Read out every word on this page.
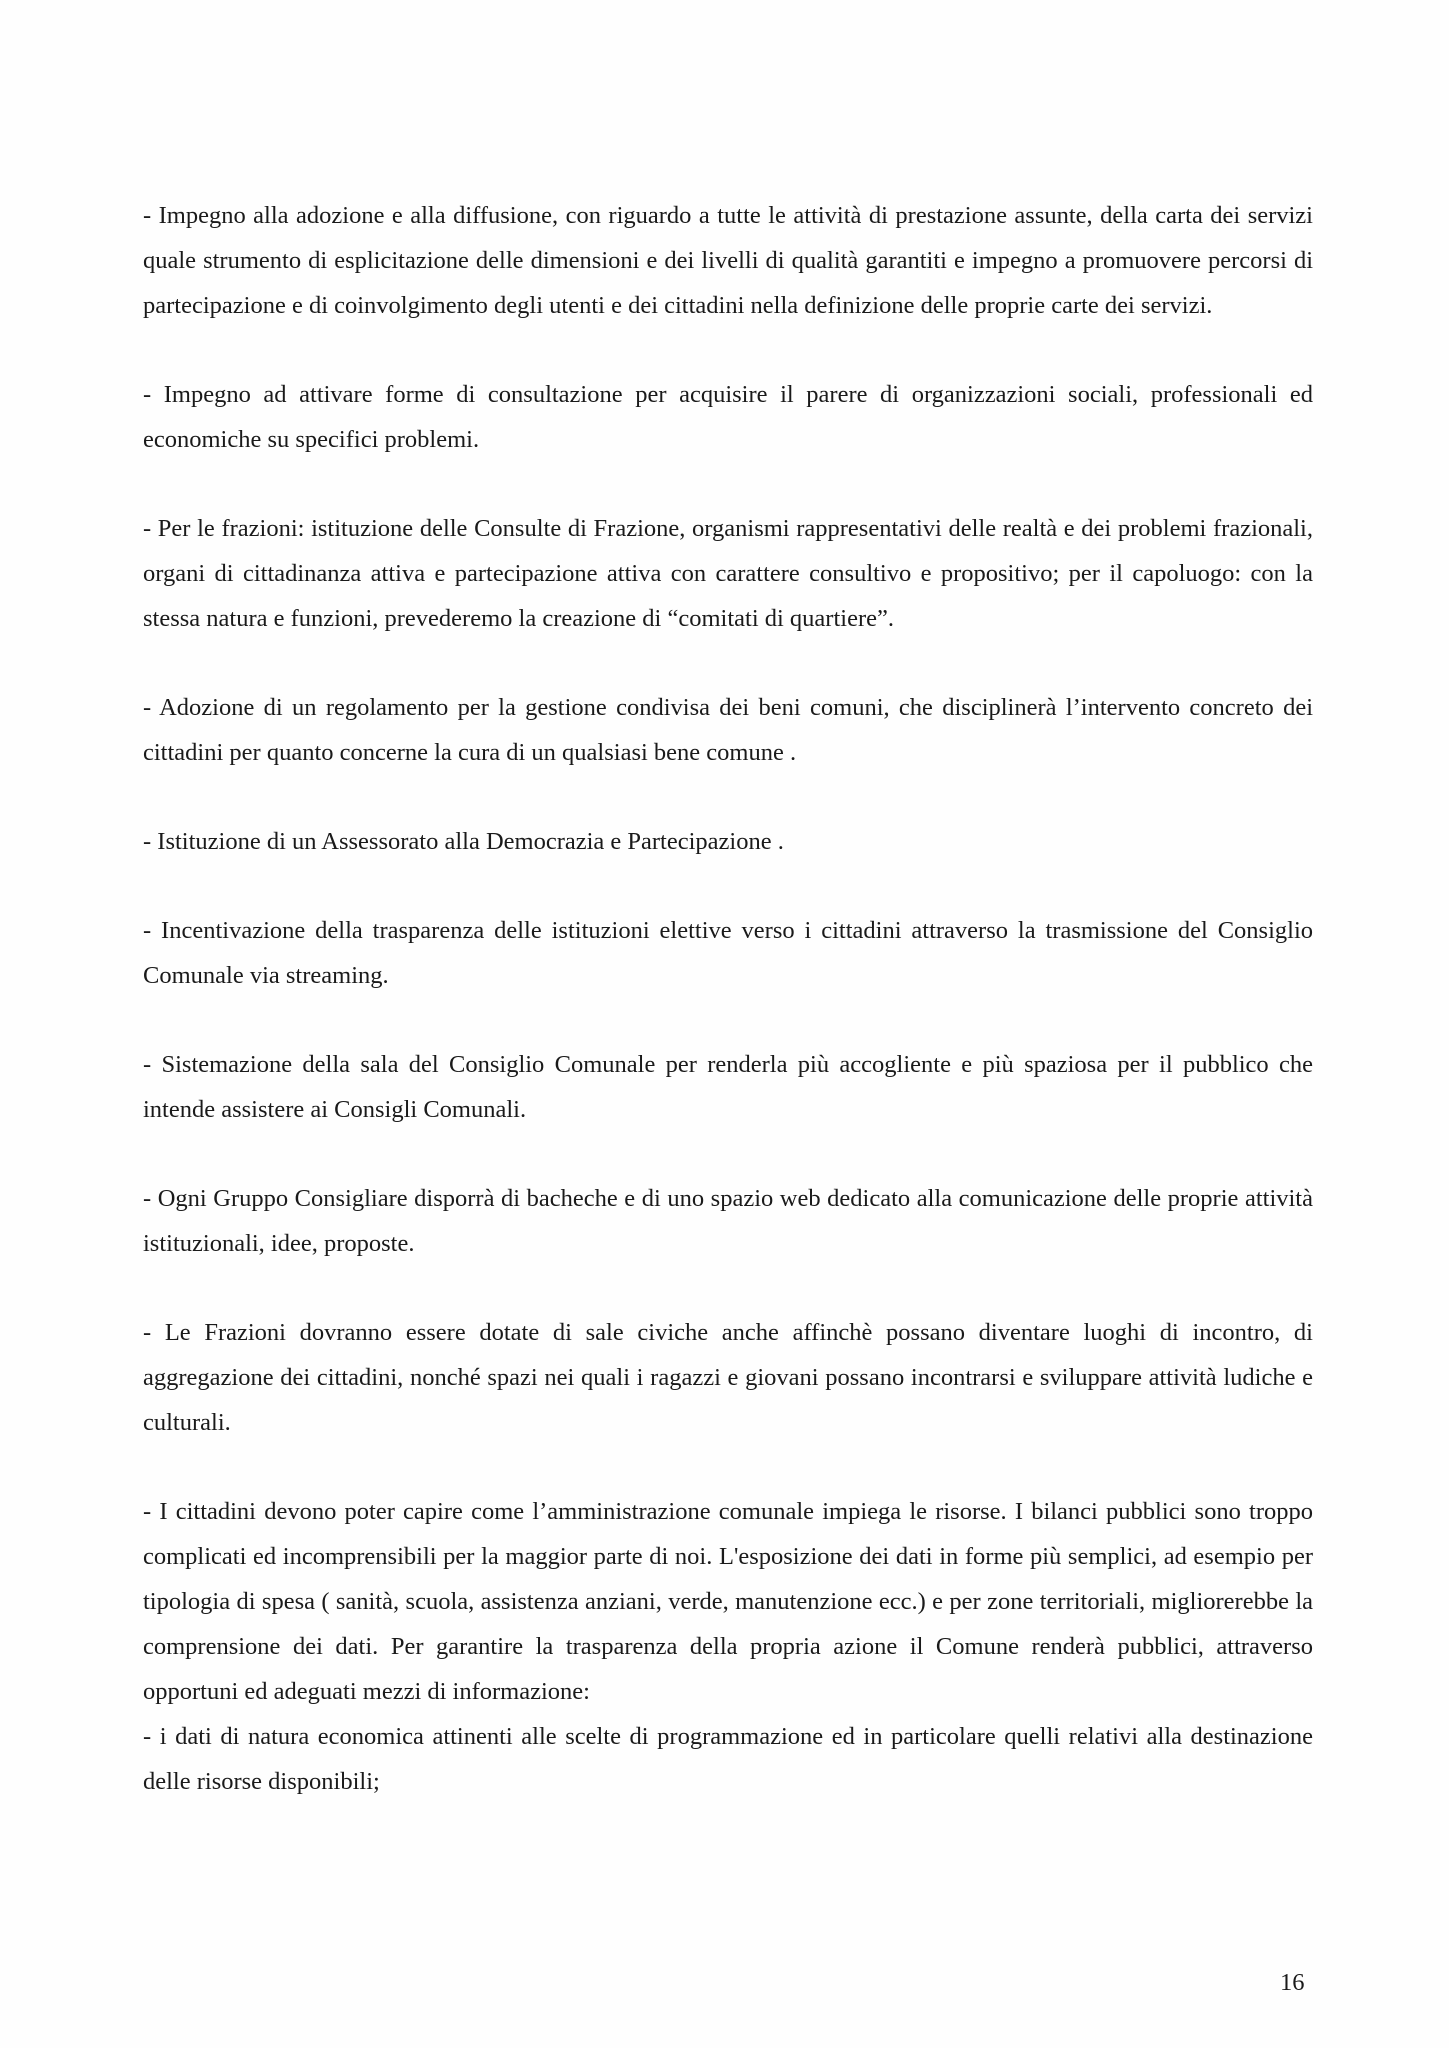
- Impegno alla adozione e alla diffusione, con riguardo a tutte le attività di prestazione assunte, della carta dei servizi quale strumento di esplicitazione delle dimensioni e dei livelli di qualità garantiti e impegno a promuovere percorsi di partecipazione e di coinvolgimento degli utenti e dei cittadini nella definizione delle proprie carte dei servizi.

- Impegno ad attivare forme di consultazione per acquisire il parere di organizzazioni sociali, professionali ed economiche su specifici problemi.

- Per le frazioni: istituzione delle Consulte di Frazione, organismi rappresentativi delle realtà e dei problemi frazionali, organi di cittadinanza attiva e partecipazione attiva con carattere consultivo e propositivo; per il capoluogo: con la stessa natura e funzioni, prevederemo la creazione di “comitati di quartiere”.

- Adozione di un regolamento per la gestione condivisa dei beni comuni, che disciplinerà l’intervento concreto dei cittadini per quanto concerne la cura di un qualsiasi bene comune .

- Istituzione di un Assessorato alla Democrazia e Partecipazione .

- Incentivazione della trasparenza delle istituzioni elettive verso i cittadini attraverso la trasmissione del Consiglio Comunale via streaming.

- Sistemazione della sala del Consiglio Comunale per renderla più accogliente e più spaziosa per il pubblico che intende assistere ai Consigli Comunali.

- Ogni Gruppo Consigliare disporrà di bacheche e di uno spazio web dedicato alla comunicazione delle proprie attività istituzionali, idee, proposte.

- Le Frazioni dovranno essere dotate di sale civiche anche affinchè possano diventare luoghi di incontro, di aggregazione dei cittadini, nonché spazi nei quali i ragazzi e giovani possano incontrarsi e sviluppare attività ludiche e culturali.

- I cittadini devono poter capire come l’amministrazione comunale impiega le risorse. I bilanci pubblici sono troppo complicati ed incomprensibili per la maggior parte di noi. L'esposizione dei dati in forme più semplici, ad esempio per tipologia di spesa ( sanità, scuola, assistenza anziani, verde, manutenzione ecc.) e per zone territoriali, migliorerebbe la comprensione dei dati. Per garantire la trasparenza della propria azione il Comune renderà pubblici, attraverso opportuni ed adeguati mezzi di informazione:

- i dati di natura economica attinenti alle scelte di programmazione ed in particolare quelli relativi alla destinazione delle risorse disponibili;

16
